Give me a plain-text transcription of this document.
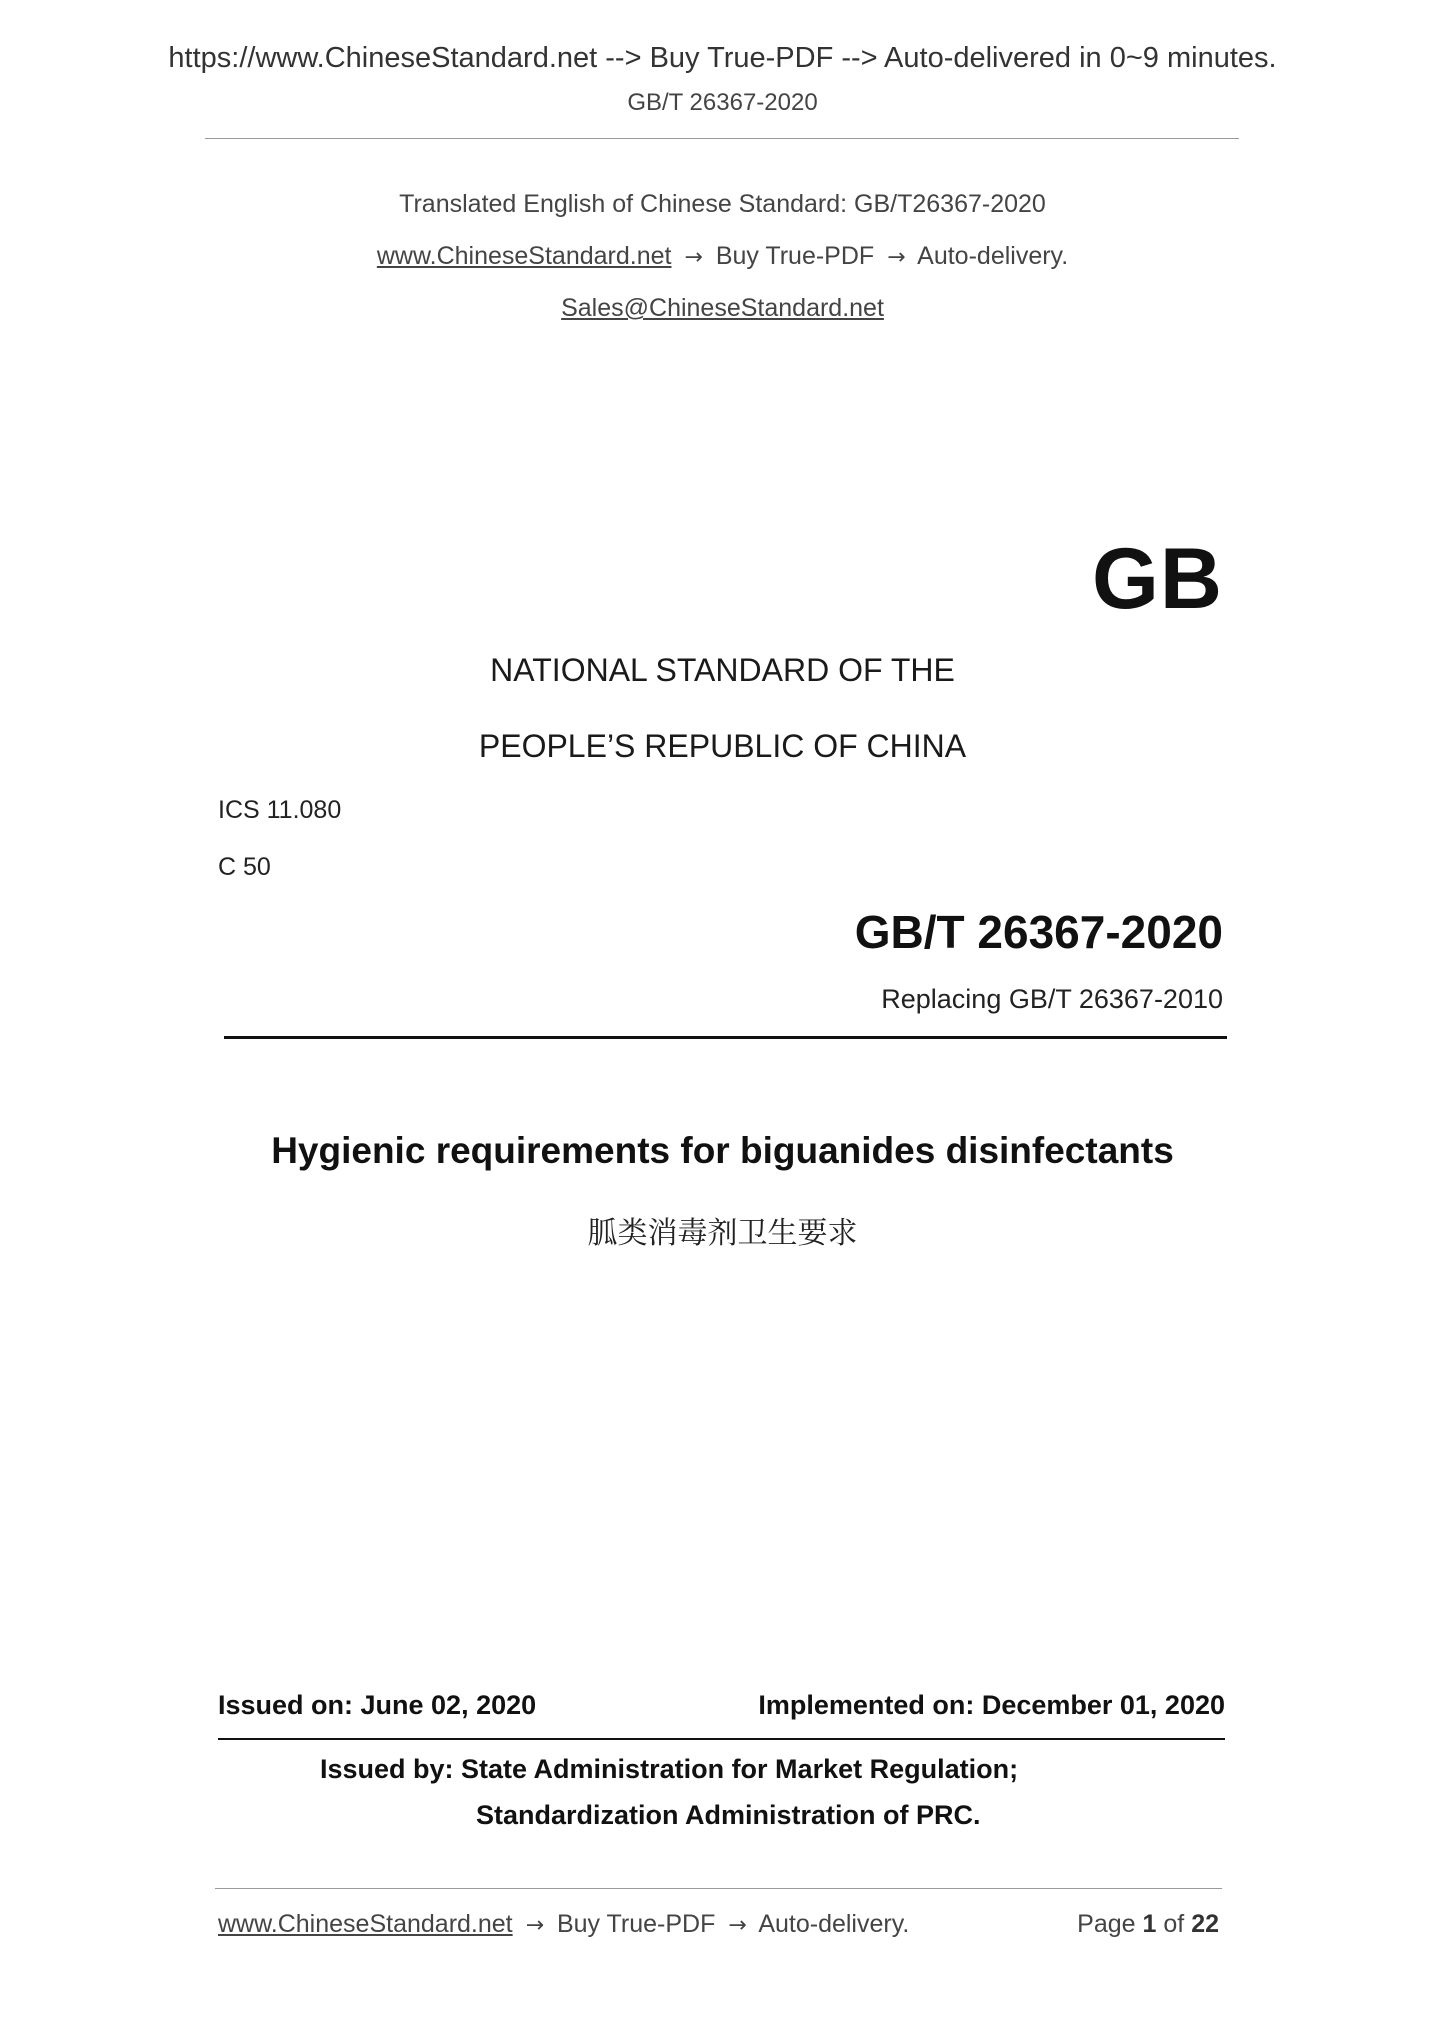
https://www.ChineseStandard.net --> Buy True-PDF --> Auto-delivered in 0~9 minutes.
GB/T 26367-2020
Translated English of Chinese Standard: GB/T26367-2020
www.ChineseStandard.net → Buy True-PDF → Auto-delivery.
Sales@ChineseStandard.net
GB
NATIONAL STANDARD OF THE
PEOPLE’S REPUBLIC OF CHINA
ICS 11.080
C 50
GB/T 26367-2020
Replacing GB/T 26367-2010
Hygienic requirements for biguanides disinfectants
胍类消毒剂卫生要求
Issued on: June 02, 2020	Implemented on: December 01, 2020
Issued by: State Administration for Market Regulation;
Standardization Administration of PRC.
www.ChineseStandard.net → Buy True-PDF → Auto-delivery.	Page 1 of 22
